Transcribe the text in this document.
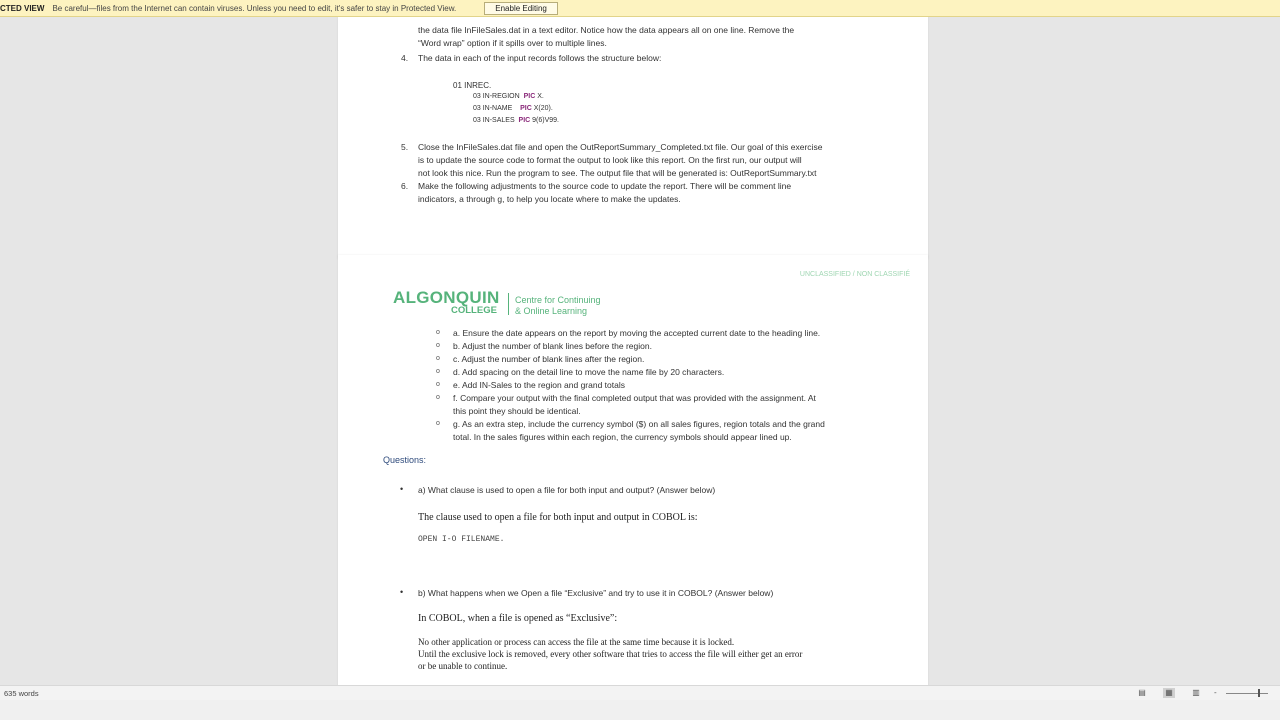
CTED VIEW Be careful—files from the Internet can contain viruses. Unless you need to edit, it's safer to stay in Protected View.	Enable Editing
the data file InFileSales.dat in a text editor. Notice how the data appears all on one line. Remove the
“Word wrap” option if it spills over to multiple lines.
4. The data in each of the input records follows the structure below:
01 INREC.
03 IN-REGION PIC X.
03 IN-NAME PIC X(20).
03 IN-SALES PIC 9(6)V99.
5. Close the InFileSales.dat file and open the OutReportSummary_Completed.txt file. Our goal of this exercise
is to update the source code to format the output to look like this report. On the first run, our output will
not look this nice. Run the program to see. The output file that will be generated is: OutReportSummary.txt
6. Make the following adjustments to the source code to update the report. There will be comment line
indicators, a through g, to help you locate where to make the updates.
UNCLASSIFIED / NON CLASSIFIÉ
ALGONQUIN
COLLEGE
Centre for Continuing
& Online Learning
o a. Ensure the date appears on the report by moving the accepted current date to the heading line.
o b. Adjust the number of blank lines before the region.
o c. Adjust the number of blank lines after the region.
o d. Add spacing on the detail line to move the name file by 20 characters.
o e. Add IN-Sales to the region and grand totals
o f. Compare your output with the final completed output that was provided with the assignment. At
this point they should be identical.
o g. As an extra step, include the currency symbol ($) on all sales figures, region totals and the grand
total. In the sales figures within each region, the currency symbols should appear lined up.
Questions:
• a) What clause is used to open a file for both input and output? (Answer below)
The clause used to open a file for both input and output in COBOL is:
OPEN I-O FILENAME.
• b) What happens when we Open a file “Exclusive” and try to use it in COBOL? (Answer below)
In COBOL, when a file is opened as “Exclusive”:
No other application or process can access the file at the same time because it is locked.
Until the exclusive lock is removed, every other software that tries to access the file will either get an error
or be unable to continue.
635 words	▤ ▦ ▥ -
